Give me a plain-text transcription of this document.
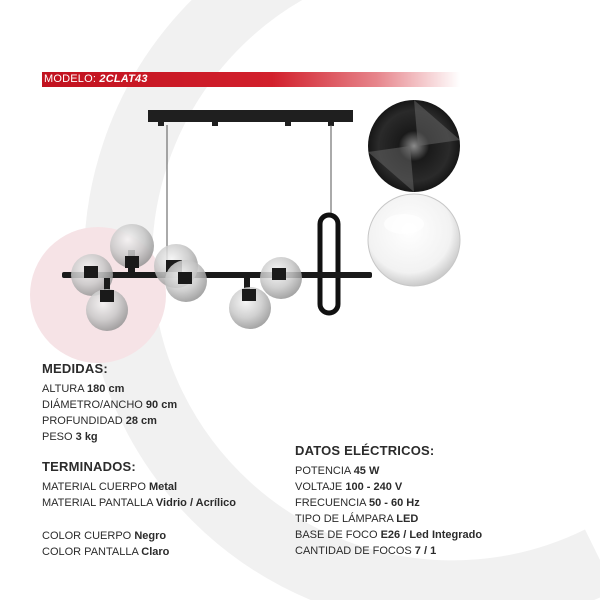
MODELO: 2CLAT43
MEDIDAS:
ALTURA 180 cm
DIÁMETRO/ANCHO 90 cm
PROFUNDIDAD 28 cm
PESO 3 kg
TERMINADOS:
MATERIAL CUERPO Metal
MATERIAL PANTALLA Vidrio / Acrílico
COLOR CUERPO Negro
COLOR PANTALLA Claro
DATOS ELÉCTRICOS:
POTENCIA 45 W
VOLTAJE 100 - 240 V
FRECUENCIA 50 - 60 Hz
TIPO DE LÁMPARA LED
BASE DE FOCO E26 / Led Integrado
CANTIDAD DE FOCOS 7 / 1
